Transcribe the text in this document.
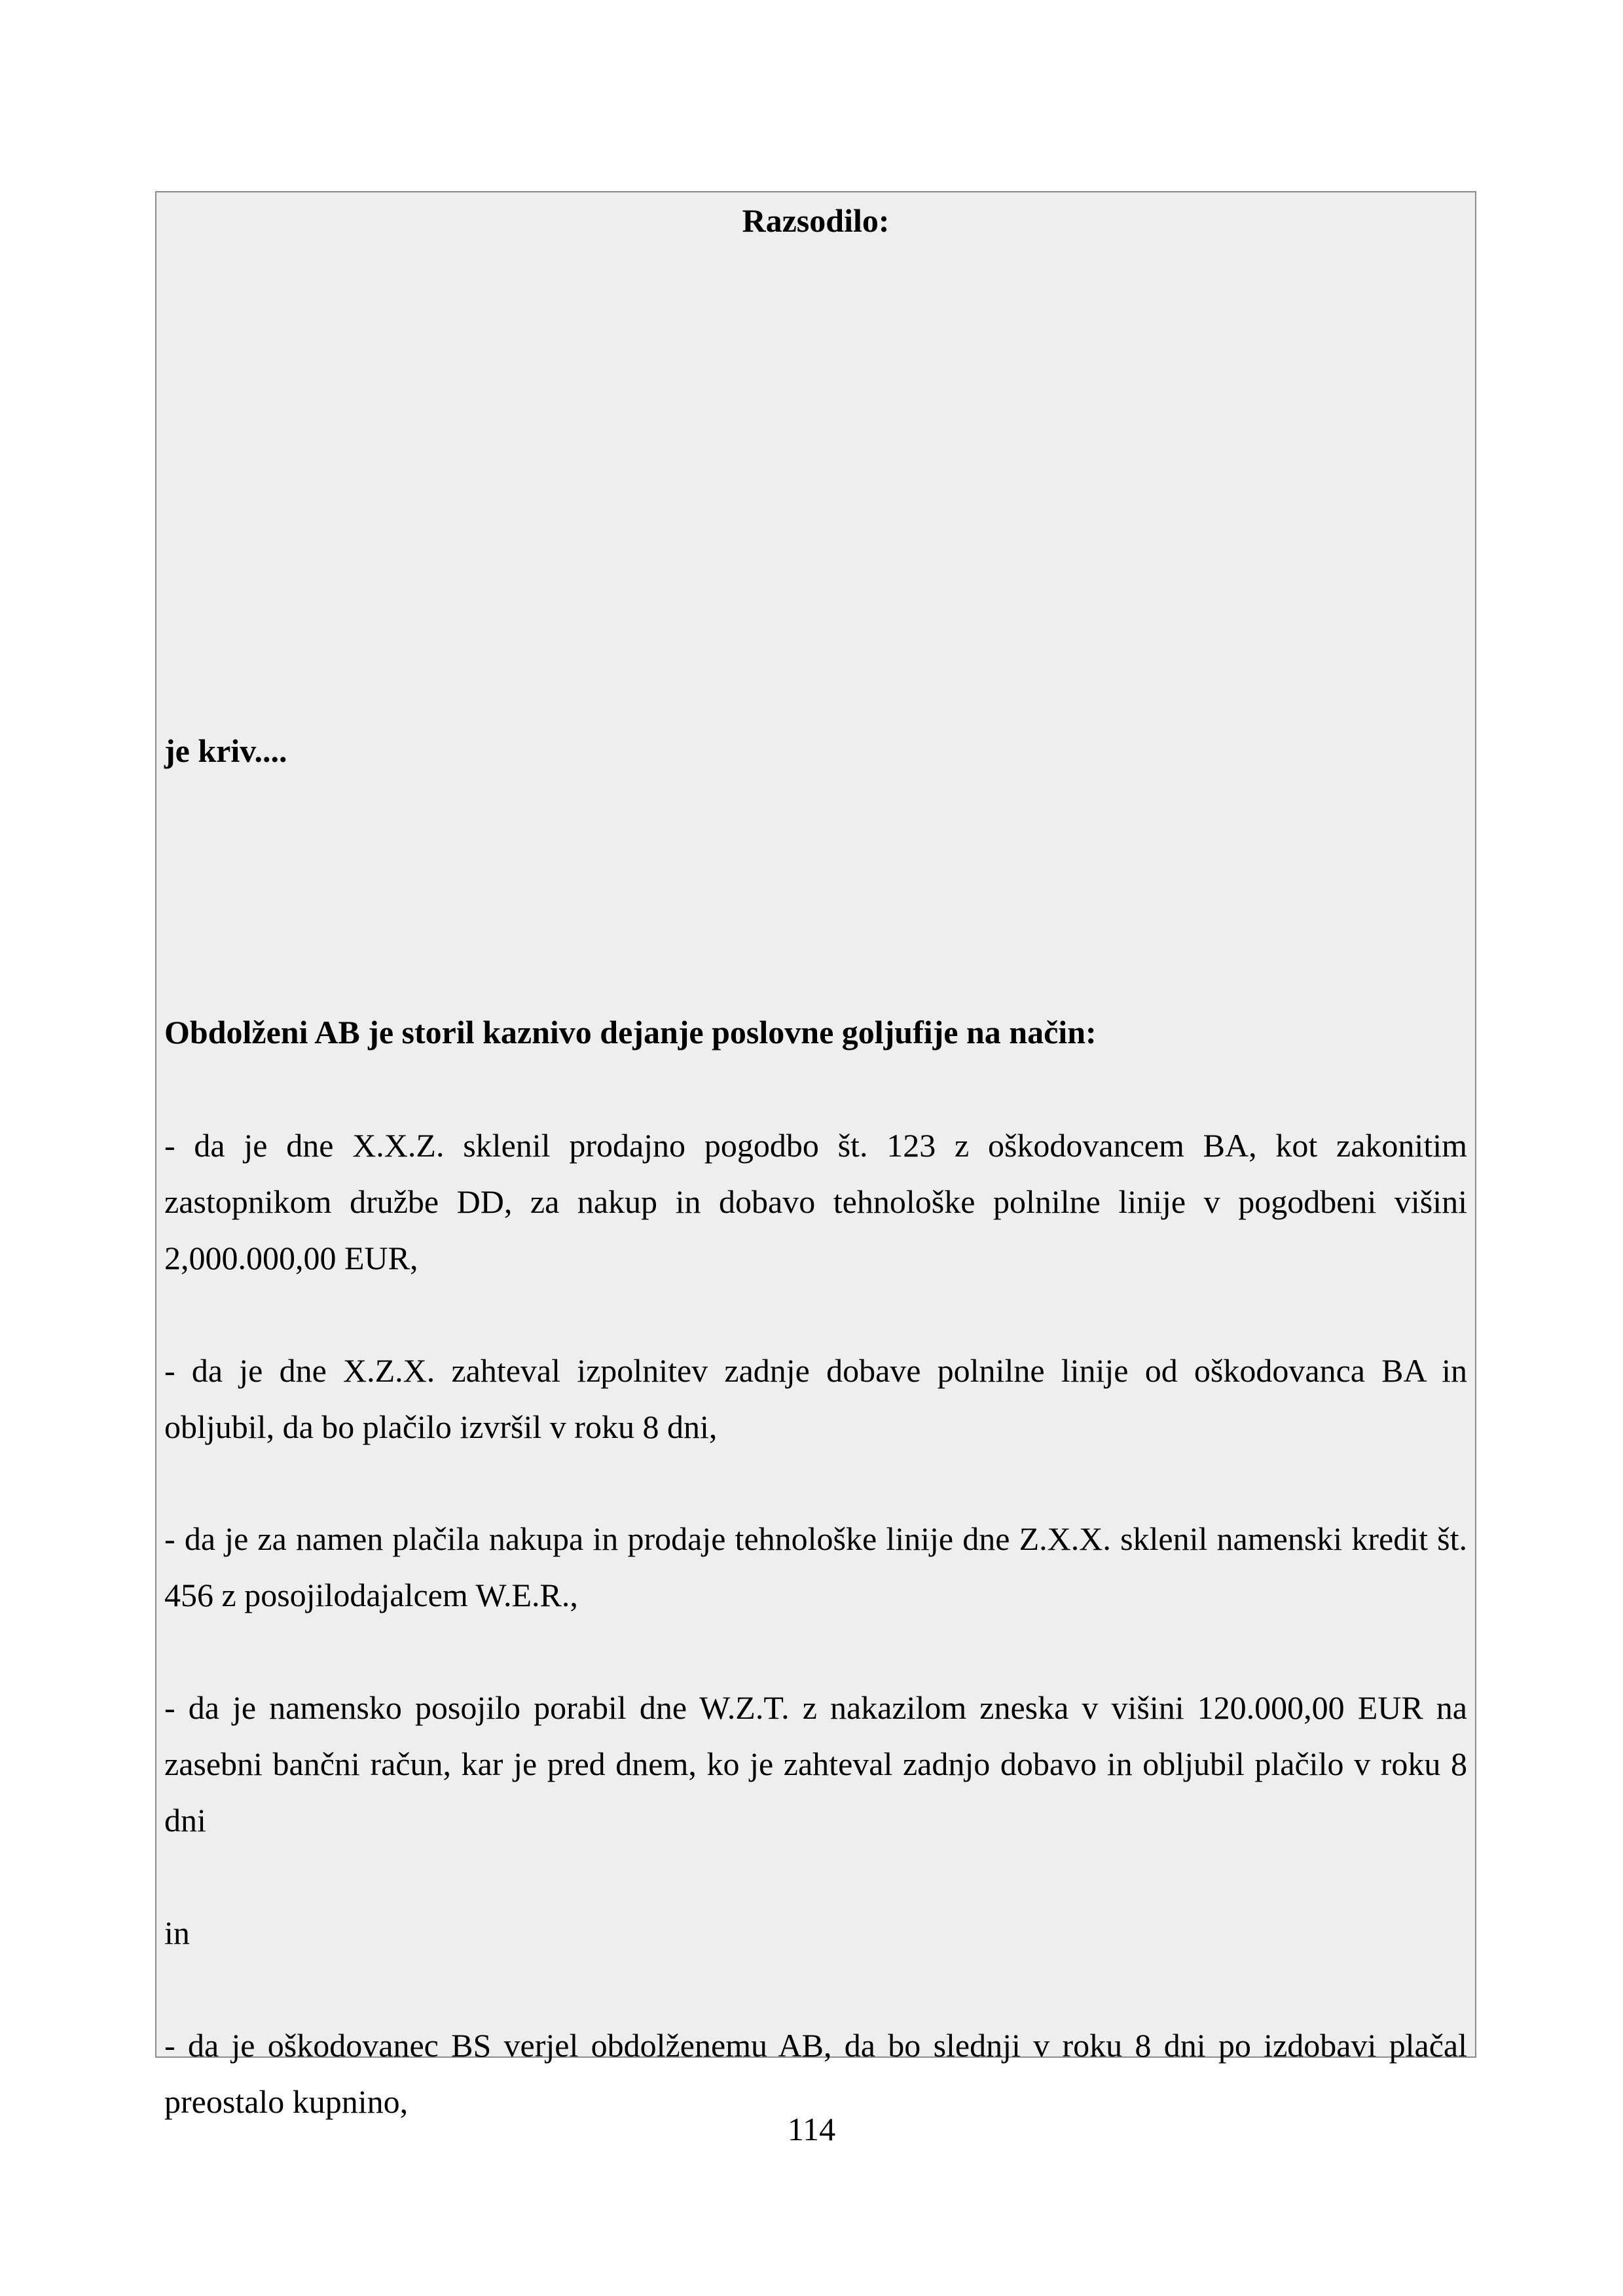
Razsodilo:

je kriv....

Obdolženi AB je storil kaznivo dejanje poslovne goljufije na način:

- da je dne X.X.Z. sklenil prodajno pogodbo št. 123 z oškodovancem BA, kot zakonitim zastopnikom družbe DD, za nakup in dobavo tehnološke polnilne linije v pogodbeni višini 2,000.000,00 EUR,

- da je dne X.Z.X. zahteval izpolnitev zadnje dobave polnilne linije od oškodovanca BA in obljubil, da bo plačilo izvršil v roku 8 dni,

- da je za namen plačila nakupa in prodaje tehnološke linije dne Z.X.X. sklenil namenski kredit št. 456 z posojilodajalcem W.E.R.,

- da je namensko posojilo porabil dne W.Z.T. z nakazilom zneska v višini 120.000,00 EUR na zasebni bančni račun, kar je pred dnem, ko je zahteval zadnjo dobavo in obljubil plačilo v roku 8 dni

in

- da je oškodovanec BS verjel obdolženemu AB, da bo slednji v roku 8 dni po izdobavi plačal preostalo kupnino,

114
